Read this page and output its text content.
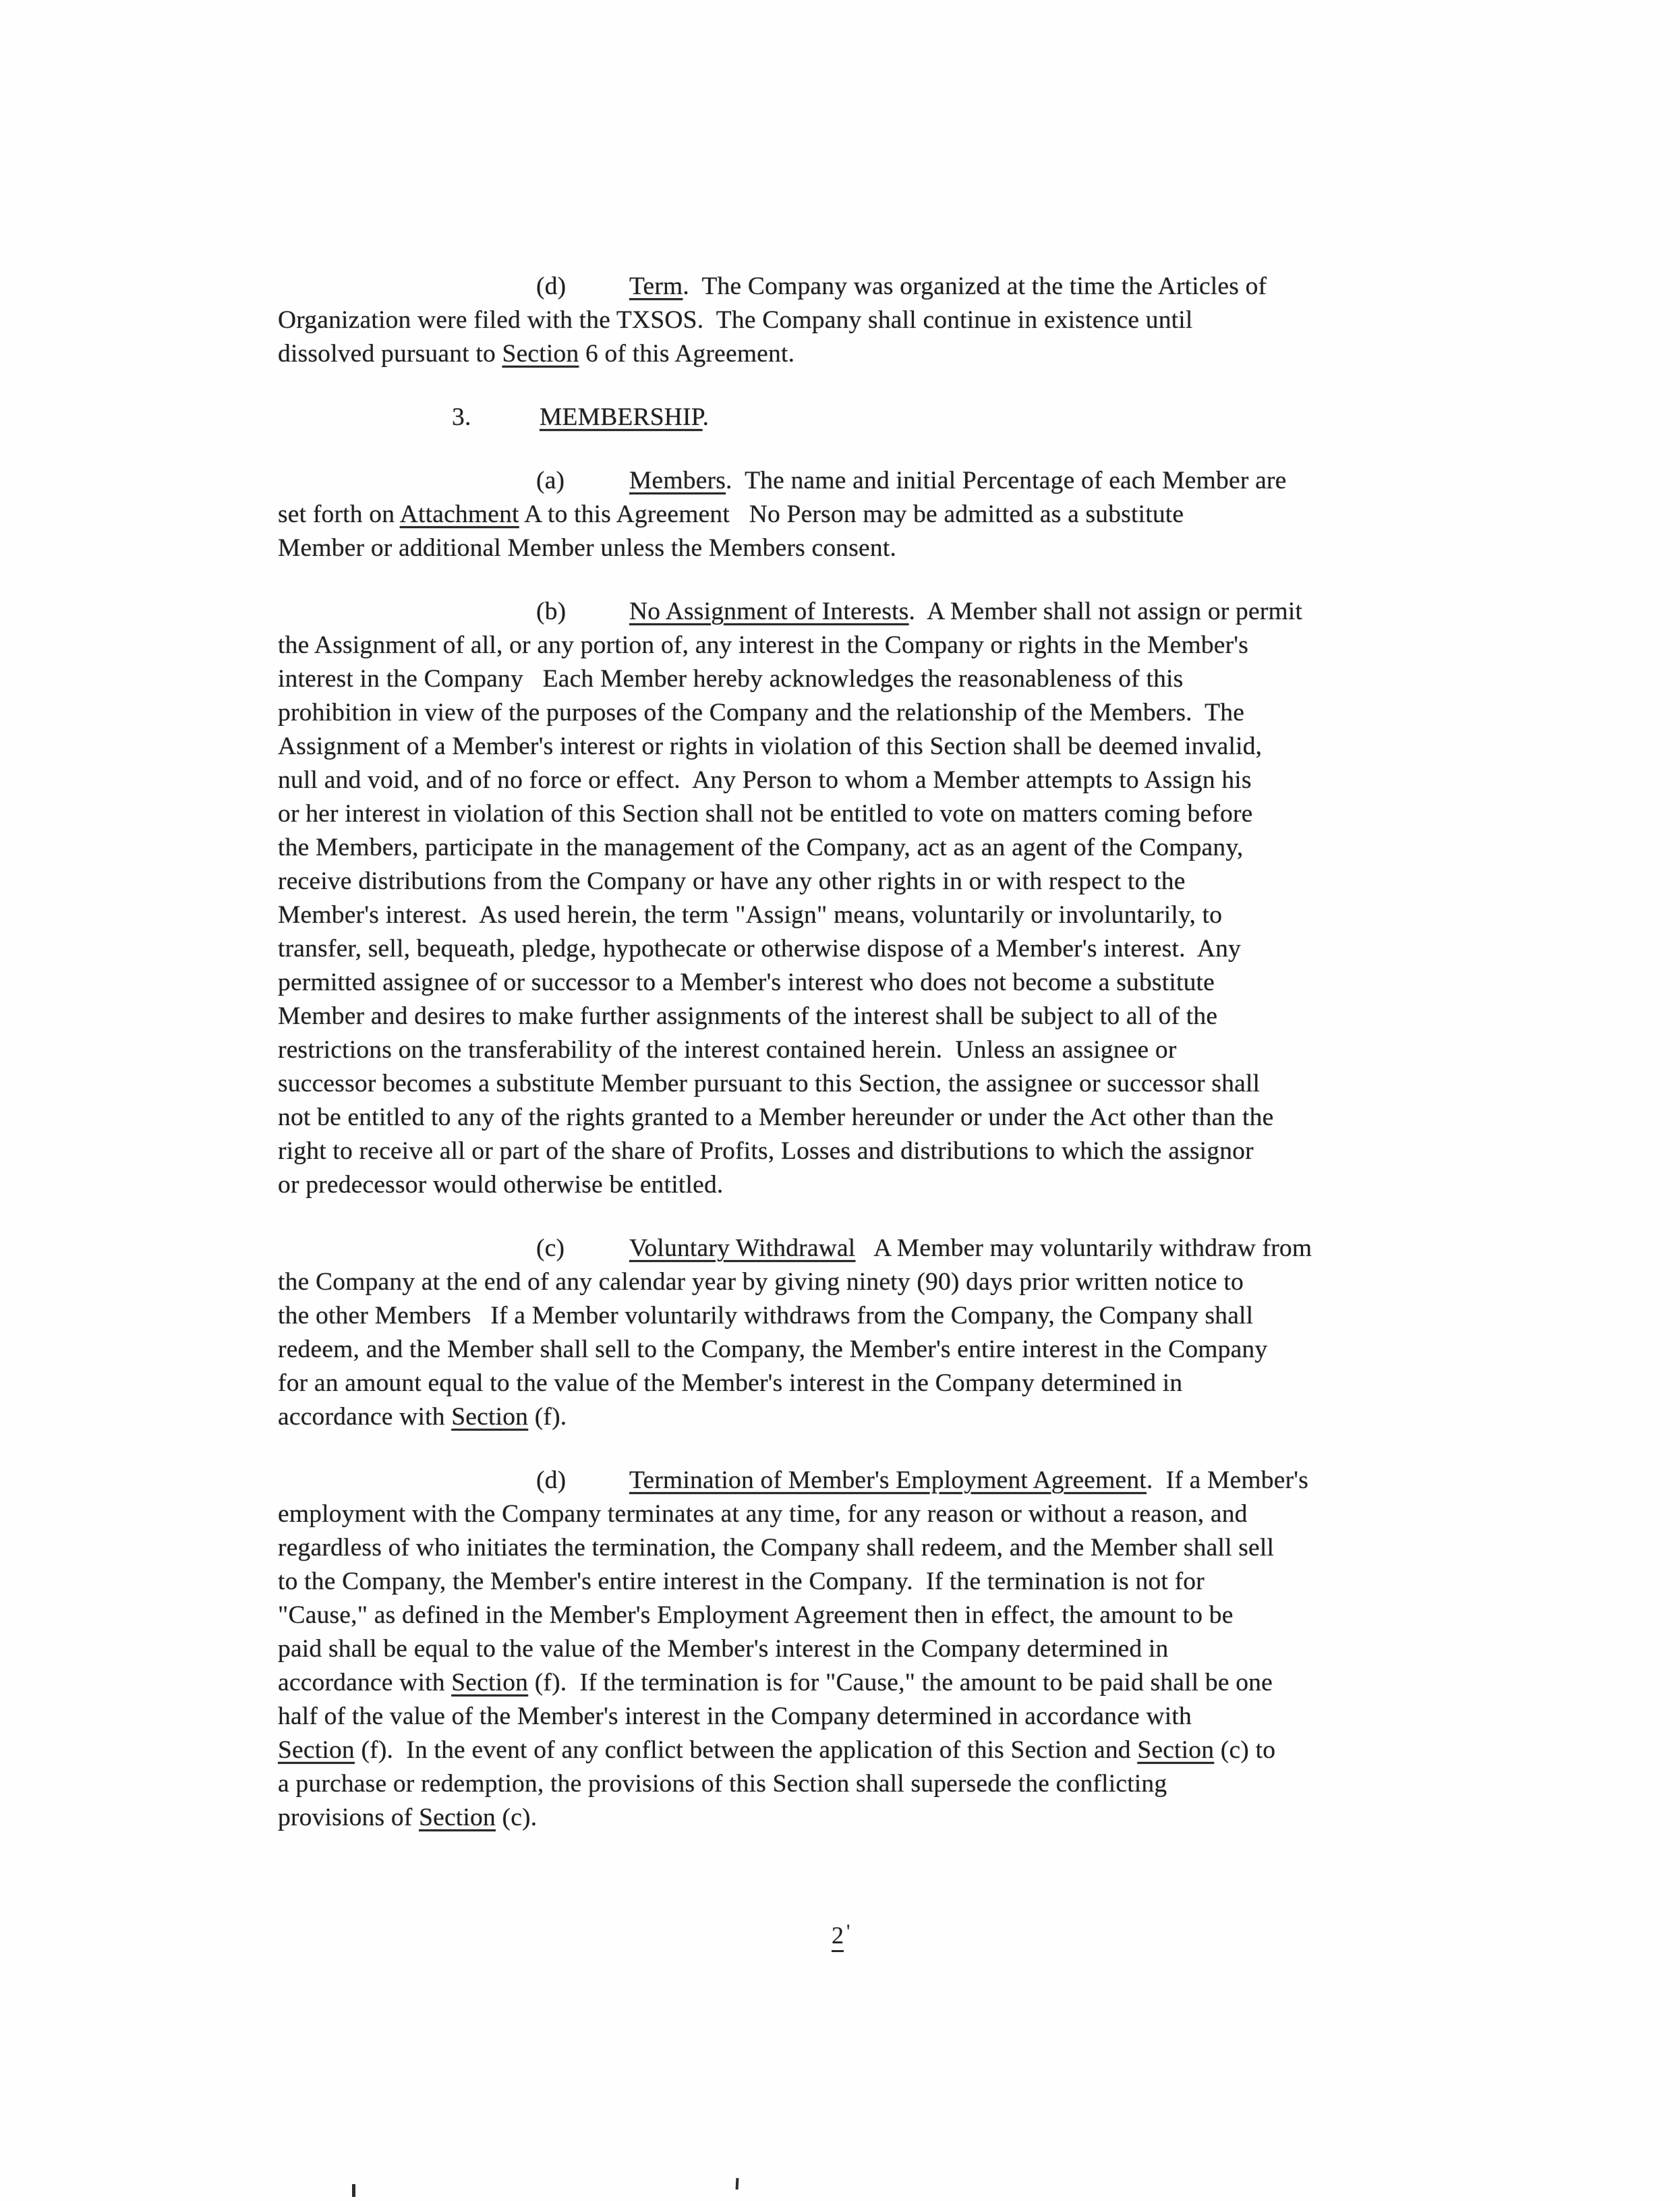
(d) Term.  The Company was organized at the time the Articles of
Organization were filed with the TXSOS.  The Company shall continue in existence until
dissolved pursuant to Section 6 of this Agreement.
3.	MEMBERSHIP.
(a)	Members.  The name and initial Percentage of each Member are
set forth on Attachment A to this Agreement   No Person may be admitted as a substitute
Member or additional Member unless the Members consent.
(b) No Assignment of Interests.  A Member shall not assign or permit
the Assignment of all, or any portion of, any interest in the Company or rights in the Member's
interest in the Company   Each Member hereby acknowledges the reasonableness of this
prohibition in view of the purposes of the Company and the relationship of the Members.  The
Assignment of a Member's interest or rights in violation of this Section shall be deemed invalid,
null and void, and of no force or effect.  Any Person to whom a Member attempts to Assign his
or her interest in violation of this Section shall not be entitled to vote on matters coming before
the Members, participate in the management of the Company, act as an agent of the Company,
receive distributions from the Company or have any other rights in or with respect to the
Member's interest.  As used herein, the term "Assign" means, voluntarily or involuntarily, to
transfer, sell, bequeath, pledge, hypothecate or otherwise dispose of a Member's interest.  Any
permitted assignee of or successor to a Member's interest who does not become a substitute
Member and desires to make further assignments of the interest shall be subject to all of the
restrictions on the transferability of the interest contained herein.  Unless an assignee or
successor becomes a substitute Member pursuant to this Section, the assignee or successor shall
not be entitled to any of the rights granted to a Member hereunder or under the Act other than the
right to receive all or part of the share of Profits, Losses and distributions to which the assignor
or predecessor would otherwise be entitled.
(c)	Voluntary Withdrawal   A Member may voluntarily withdraw from
the Company at the end of any calendar year by giving ninety (90) days prior written notice to
the other Members   If a Member voluntarily withdraws from the Company, the Company shall
redeem, and the Member shall sell to the Company, the Member's entire interest in the Company
for an amount equal to the value of the Member's interest in the Company determined in
accordance with Section (f).
(d) Termination of Member's Employment Agreement.  If a Member's
employment with the Company terminates at any time, for any reason or without a reason, and
regardless of who initiates the termination, the Company shall redeem, and the Member shall sell
to the Company, the Member's entire interest in the Company.  If the termination is not for
"Cause," as defined in the Member's Employment Agreement then in effect, the amount to be
paid shall be equal to the value of the Member's interest in the Company determined in
accordance with Section (f).  If the termination is for "Cause," the amount to be paid shall be one
half of the value of the Member's interest in the Company determined in accordance with
Section (f).  In the event of any conflict between the application of this Section and Section (c) to
a purchase or redemption, the provisions of this Section shall supersede the conflicting
provisions of Section (c).
2 '
